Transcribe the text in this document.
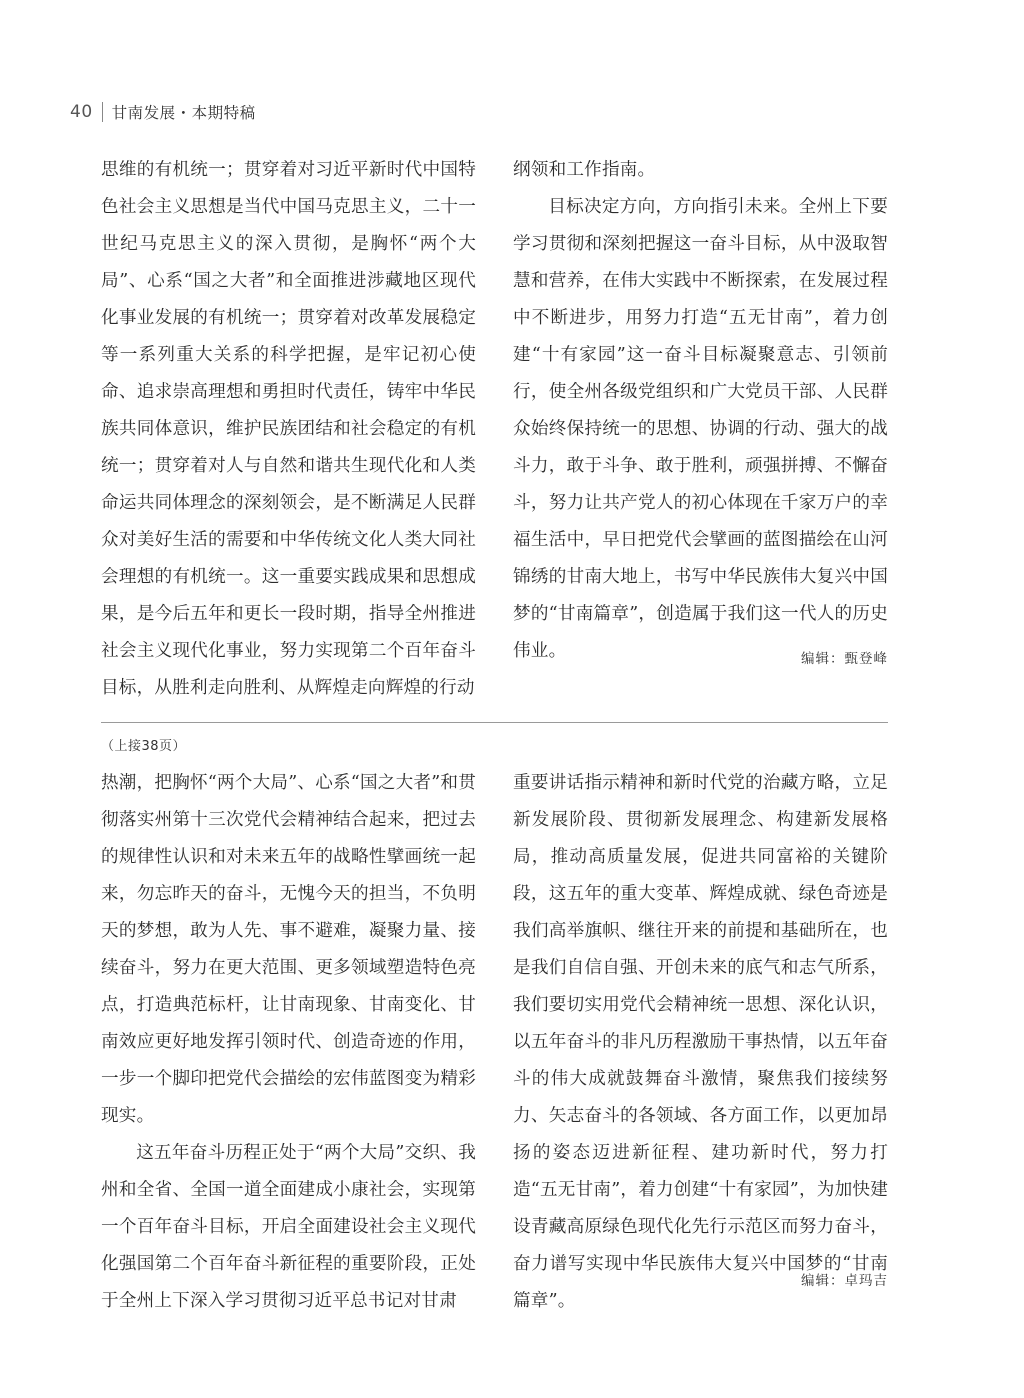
40 甘南发展・本期特稿

思维的有机统一；贯穿着对习近平新时代中国特色社会主义思想是当代中国马克思主义，二十一世纪马克思主义的深入贯彻，是胸怀“两个大局”、心系“国之大者”和全面推进涉藏地区现代化事业发展的有机统一；贯穿着对改革发展稳定等一系列重大关系的科学把握，是牢记初心使命、追求崇高理想和勇担时代责任，铸牢中华民族共同体意识，维护民族团结和社会稳定的有机统一；贯穿着对人与自然和谐共生现代化和人类命运共同体理念的深刻领会，是不断满足人民群众对美好生活的需要和中华传统文化人类大同社会理想的有机统一。这一重要实践成果和思想成果，是今后五年和更长一段时期，指导全州推进社会主义现代化事业，努力实现第二个百年奋斗目标，从胜利走向胜利、从辉煌走向辉煌的行动

纲领和工作指南。

目标决定方向，方向指引未来。全州上下要学习贯彻和深刻把握这一奋斗目标，从中汲取智慧和营养，在伟大实践中不断探索，在发展过程中不断进步，用努力打造“五无甘南”，着力创建“十有家园”这一奋斗目标凝聚意志、引领前行，使全州各级党组织和广大党员干部、人民群众始终保持统一的思想、协调的行动、强大的战斗力，敢于斗争、敢于胜利，顽强拼搏、不懈奋斗，努力让共产党人的初心体现在千家万户的幸福生活中，早日把党代会擘画的蓝图描绘在山河锦绣的甘南大地上，书写中华民族伟大复兴中国梦的“甘南篇章”，创造属于我们这一代人的历史伟业。	编辑：甄登峰
（上接38页）

热潮，把胸怀“两个大局”、心系“国之大者”和贯彻落实州第十三次党代会精神结合起来，把过去的规律性认识和对未来五年的战略性擘画统一起来，勿忘昨天的奋斗，无愧今天的担当，不负明天的梦想，敢为人先、事不避难，凝聚力量、接续奋斗，努力在更大范围、更多领域塑造特色亮点，打造典范标杆，让甘南现象、甘南变化、甘南效应更好地发挥引领时代、创造奇迹的作用，一步一个脚印把党代会描绘的宏伟蓝图变为精彩现实。

这五年奋斗历程正处于“两个大局”交织、我州和全省、全国一道全面建成小康社会，实现第一个百年奋斗目标，开启全面建设社会主义现代化强国第二个百年奋斗新征程的重要阶段，正处于全州上下深入学习贯彻习近平总书记对甘肃

重要讲话指示精神和新时代党的治藏方略，立足新发展阶段、贯彻新发展理念、构建新发展格局，推动高质量发展，促进共同富裕的关键阶段，这五年的重大变革、辉煌成就、绿色奇迹是我们高举旗帜、继往开来的前提和基础所在，也是我们自信自强、开创未来的底气和志气所系，我们要切实用党代会精神统一思想、深化认识，以五年奋斗的非凡历程激励干事热情，以五年奋斗的伟大成就鼓舞奋斗激情，聚焦我们接续努力、矢志奋斗的各领域、各方面工作，以更加昂扬的姿态迈进新征程、建功新时代，努力打造“五无甘南”，着力创建“十有家园”，为加快建设青藏高原绿色现代化先行示范区而努力奋斗，奋力谱写实现中华民族伟大复兴中国梦的“甘南篇章”。

编辑：卓玛吉
